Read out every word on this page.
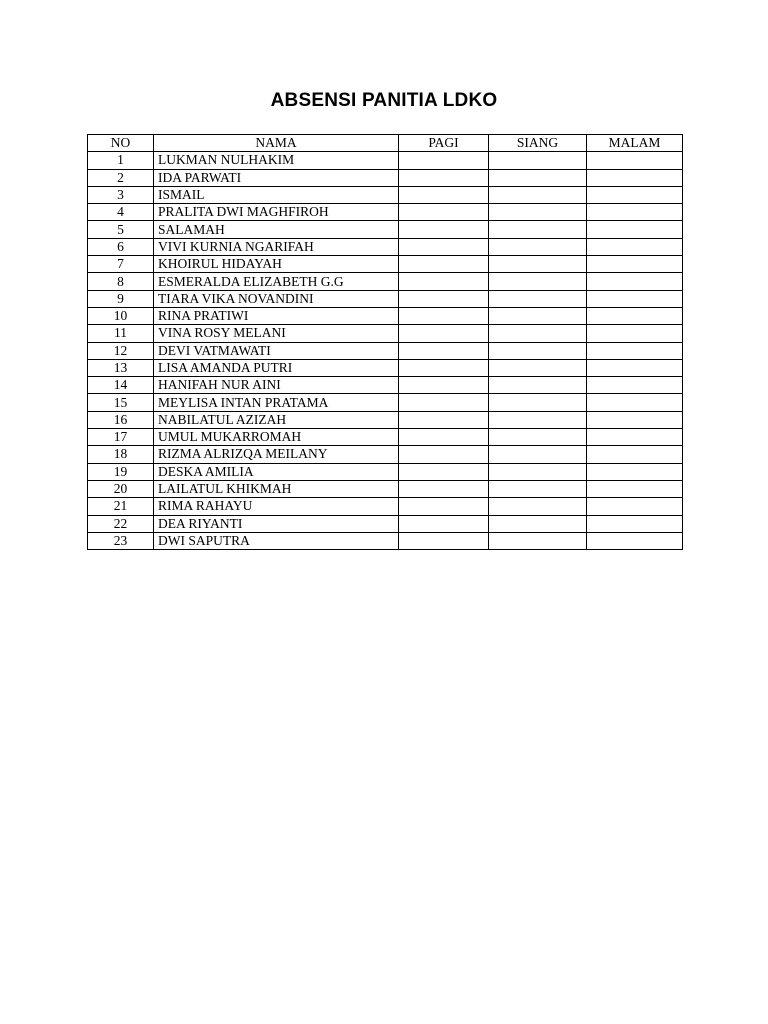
ABSENSI PANITIA LDKO
NO	NAMA	PAGI	SIANG	MALAM
1	LUKMAN NULHAKIM			
2	IDA PARWATI			
3	ISMAIL			
4	PRALITA DWI MAGHFIROH			
5	SALAMAH			
6	VIVI KURNIA NGARIFAH			
7	KHOIRUL HIDAYAH			
8	ESMERALDA ELIZABETH G.G			
9	TIARA VIKA NOVANDINI			
10	RINA PRATIWI			
11	VINA ROSY MELANI			
12	DEVI VATMAWATI			
13	LISA AMANDA PUTRI			
14	HANIFAH NUR AINI			
15	MEYLISA INTAN PRATAMA			
16	NABILATUL AZIZAH			
17	UMUL MUKARROMAH			
18	RIZMA ALRIZQA MEILANY			
19	DESKA AMILIA			
20	LAILATUL KHIKMAH			
21	RIMA RAHAYU			
22	DEA RIYANTI			
23	DWI SAPUTRA			
